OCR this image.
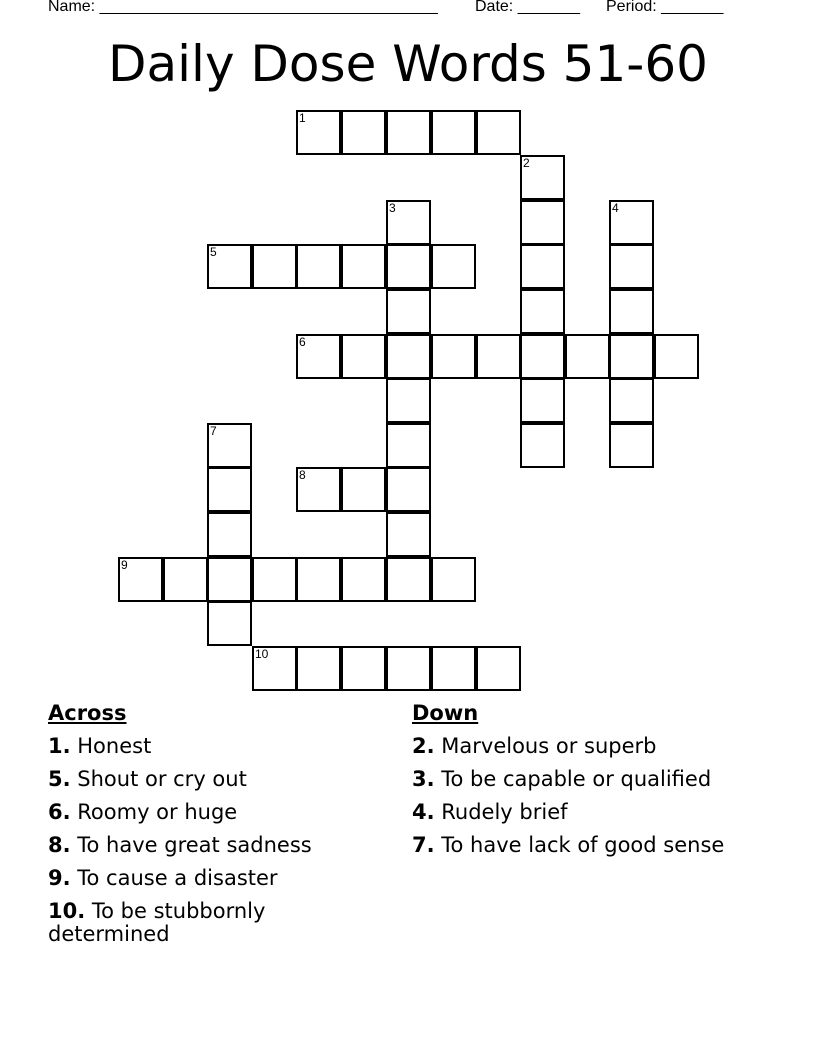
Name: ______________________________________ Date: _______ Period: _______
Daily Dose Words 51-60
1
2
3	4
5
6
7
8
9
10
Across
1. Honest
5. Shout or cry out
6. Roomy or huge
8. To have great sadness
9. To cause a disaster
10. To be stubbornly determined
Down
2. Marvelous or superb
3. To be capable or qualified
4. Rudely brief
7. To have lack of good sense
